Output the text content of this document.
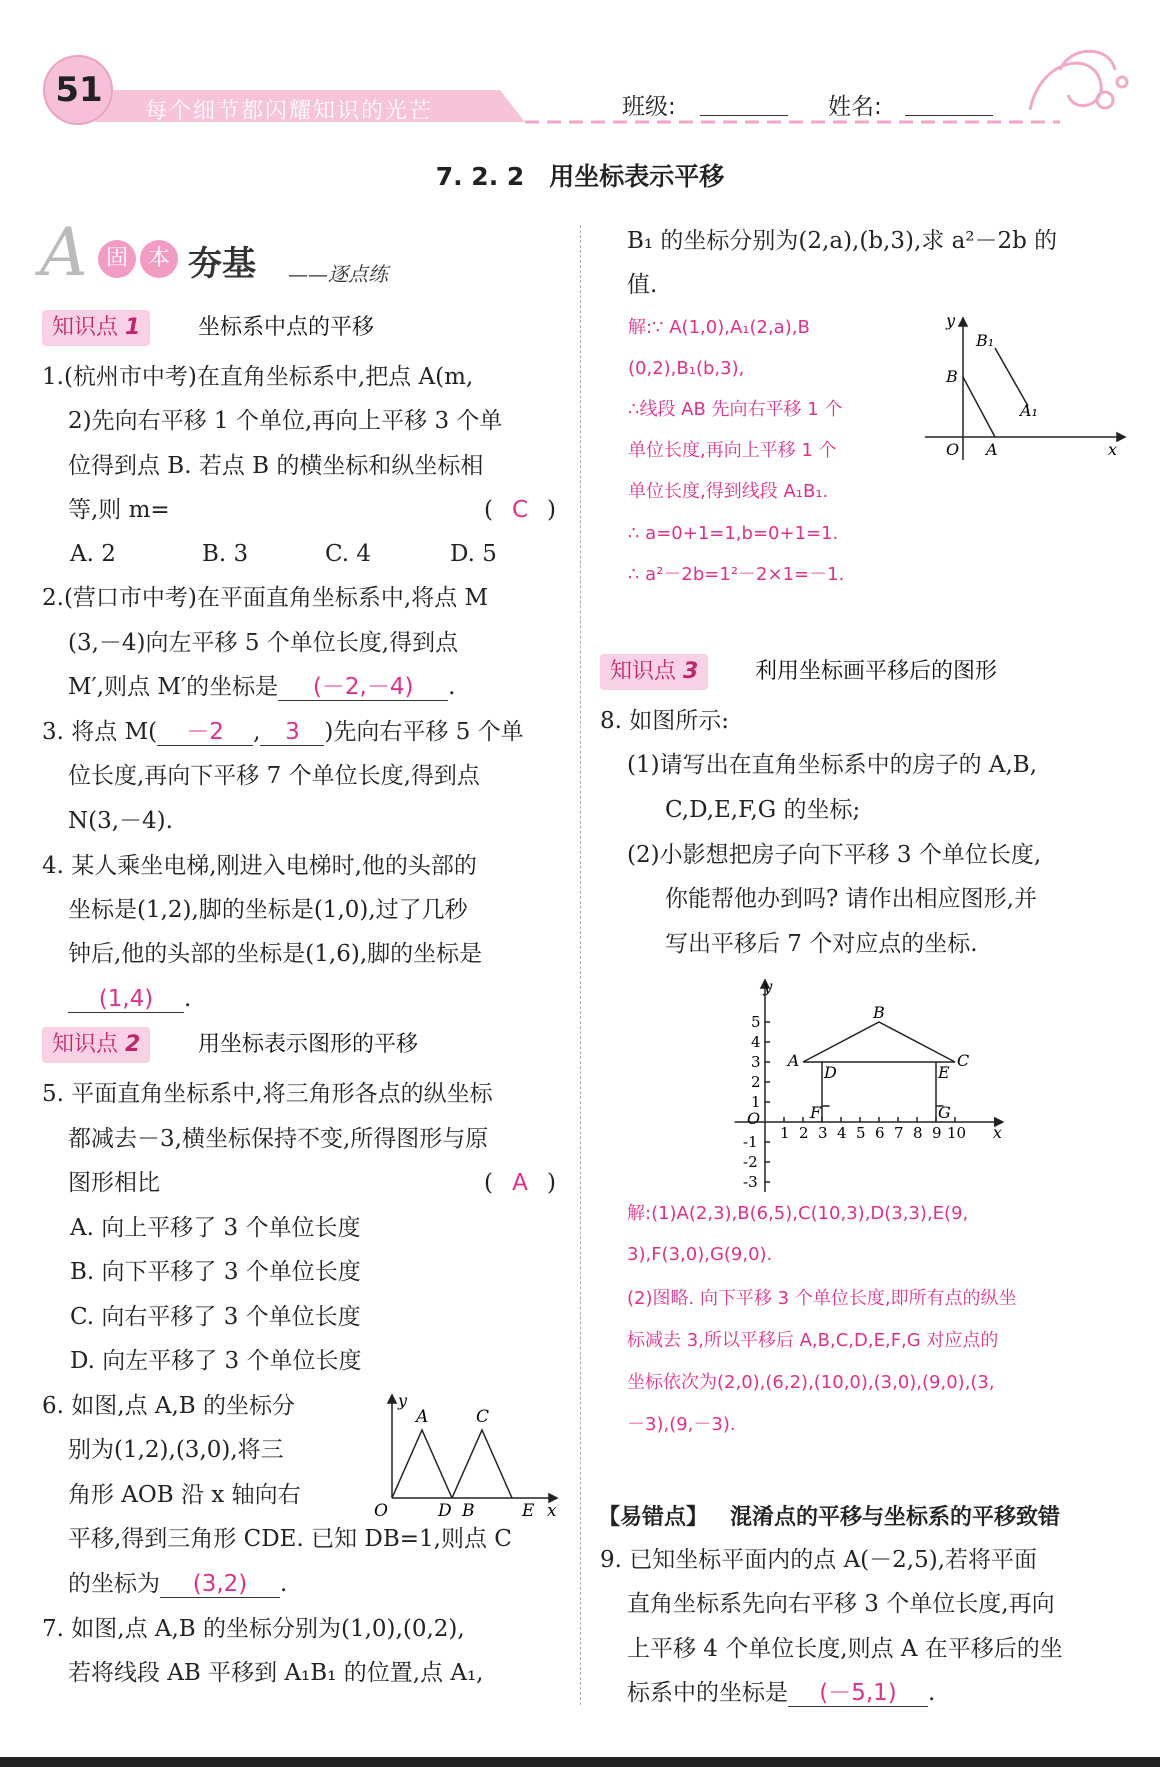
51
每个细节都闪耀知识的光芒	班级:	姓名:
7. 2. 2　用坐标表示平移
A 固 本 夯基 ——逐点练
知识点 1	坐标系中点的平移
1.(杭州市中考)在直角坐标系中,把点 A(m,
2)先向右平移 1 个单位,再向上平移 3 个单
位得到点 B. 若点 B 的横坐标和纵坐标相
等,则 m=	( C )
A. 2	B. 3	C. 4	D. 5
2.(营口市中考)在平面直角坐标系中,将点 M
(3,－4)向左平移 5 个单位长度,得到点
M′,则点 M′的坐标是 (－2,－4) .
3. 将点 M( －2 , 3 )先向右平移 5 个单
位长度,再向下平移 7 个单位长度,得到点
N(3,－4).
4. 某人乘坐电梯,刚进入电梯时,他的头部的
坐标是(1,2),脚的坐标是(1,0),过了几秒
钟后,他的头部的坐标是(1,6),脚的坐标是
(1,4) .
知识点 2	用坐标表示图形的平移
5. 平面直角坐标系中,将三角形各点的纵坐标
都减去－3,横坐标保持不变,所得图形与原
图形相比	( A )
A. 向上平移了 3 个单位长度
B. 向下平移了 3 个单位长度
C. 向右平移了 3 个单位长度
D. 向左平移了 3 个单位长度
6. 如图,点 A,B 的坐标分
别为(1,2),(3,0),将三
角形 AOB 沿 x 轴向右
平移,得到三角形 CDE. 已知 DB=1,则点 C
的坐标为 (3,2) .
y
A	C
O	D B	E x
7. 如图,点 A,B 的坐标分别为(1,0),(0,2),
若将线段 AB 平移到 A₁B₁ 的位置,点 A₁,
B₁ 的坐标分别为(2,a),(b,3),求 a²－2b 的
值.
解:∵ A(1,0),A₁(2,a),B
(0,2),B₁(b,3),
∴线段 AB 先向右平移 1 个
单位长度,再向上平移 1 个
单位长度,得到线段 A₁B₁.
∴ a=0+1=1,b=0+1=1.
∴ a²－2b=1²－2×1=－1.
y
B₁
B
A₁
O A	x
知识点 3	利用坐标画平移后的图形
8. 如图所示:
(1)请写出在直角坐标系中的房子的 A,B,
C,D,E,F,G 的坐标;
(2)小影想把房子向下平移 3 个单位长度,
你能帮他办到吗? 请作出相应图形,并
写出平移后 7 个对应点的坐标.
1 2 3 4 5 6 7 8 9 10
5
4
3
2
1
-1
-2
-3
y
x
O
A
B
C
D	E
F	G
解:(1)A(2,3),B(6,5),C(10,3),D(3,3),E(9,
3),F(3,0),G(9,0).
(2)图略. 向下平移 3 个单位长度,即所有点的纵坐
标减去 3,所以平移后 A,B,C,D,E,F,G 对应点的
坐标依次为(2,0),(6,2),(10,0),(3,0),(9,0),(3,
－3),(9,－3).
【易错点】 混淆点的平移与坐标系的平移致错
9. 已知坐标平面内的点 A(－2,5),若将平面
直角坐标系先向右平移 3 个单位长度,再向
上平移 4 个单位长度,则点 A 在平移后的坐
标系中的坐标是 (－5,1) .
